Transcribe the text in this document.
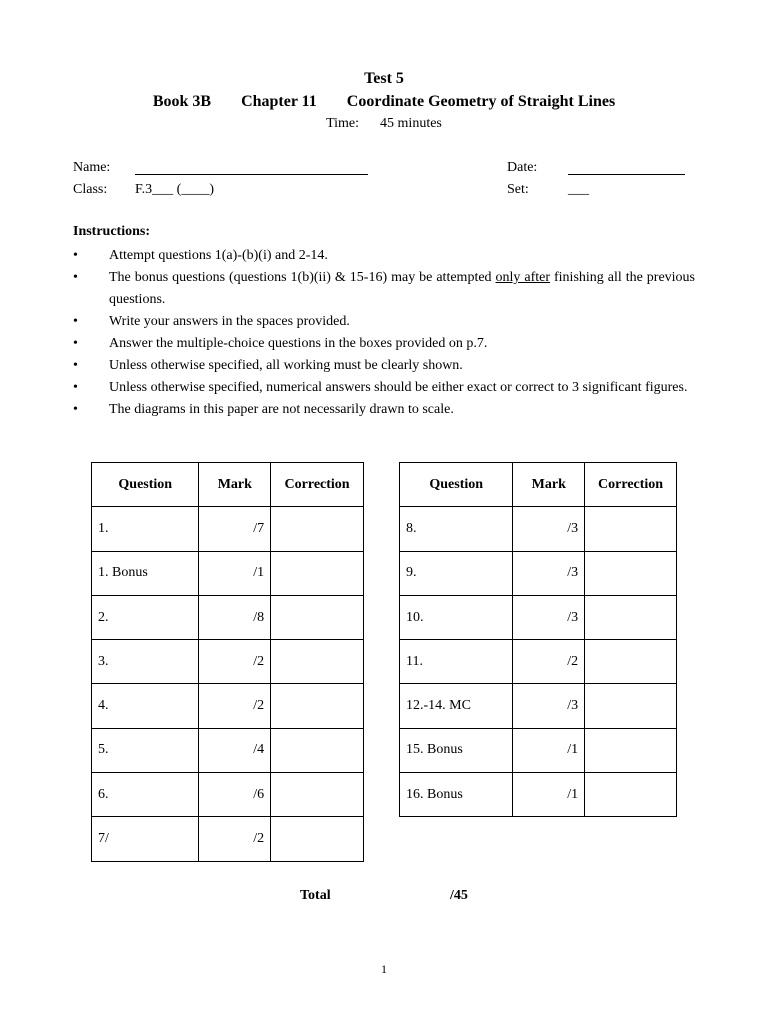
Test 5
Book 3B Chapter 11 Coordinate Geometry of Straight Lines
Time: 45 minutes
Name:	Date:
Class: F.3___ (____)	Set:	___
Instructions:
• Attempt questions 1(a)-(b)(i) and 2-14.
• The bonus questions (questions 1(b)(ii) & 15-16) may be attempted only after finishing all the previous questions.
• Write your answers in the spaces provided.
• Answer the multiple-choice questions in the boxes provided on p.7.
• Unless otherwise specified, all working must be clearly shown.
• Unless otherwise specified, numerical answers should be either exact or correct to 3 significant figures.
• The diagrams in this paper are not necessarily drawn to scale.
Question	Mark	Correction
1.	/7	
1. Bonus	/1	
2.	/8	
3.	/2	
4.	/2	
5.	/4	
6.	/6	
7/	/2	
Question	Mark	Correction
8.	/3	
9.	/3	
10.	/3	
11.	/2	
12.-14. MC	/3	
15. Bonus	/1	
16. Bonus	/1	
Total	/45
1
